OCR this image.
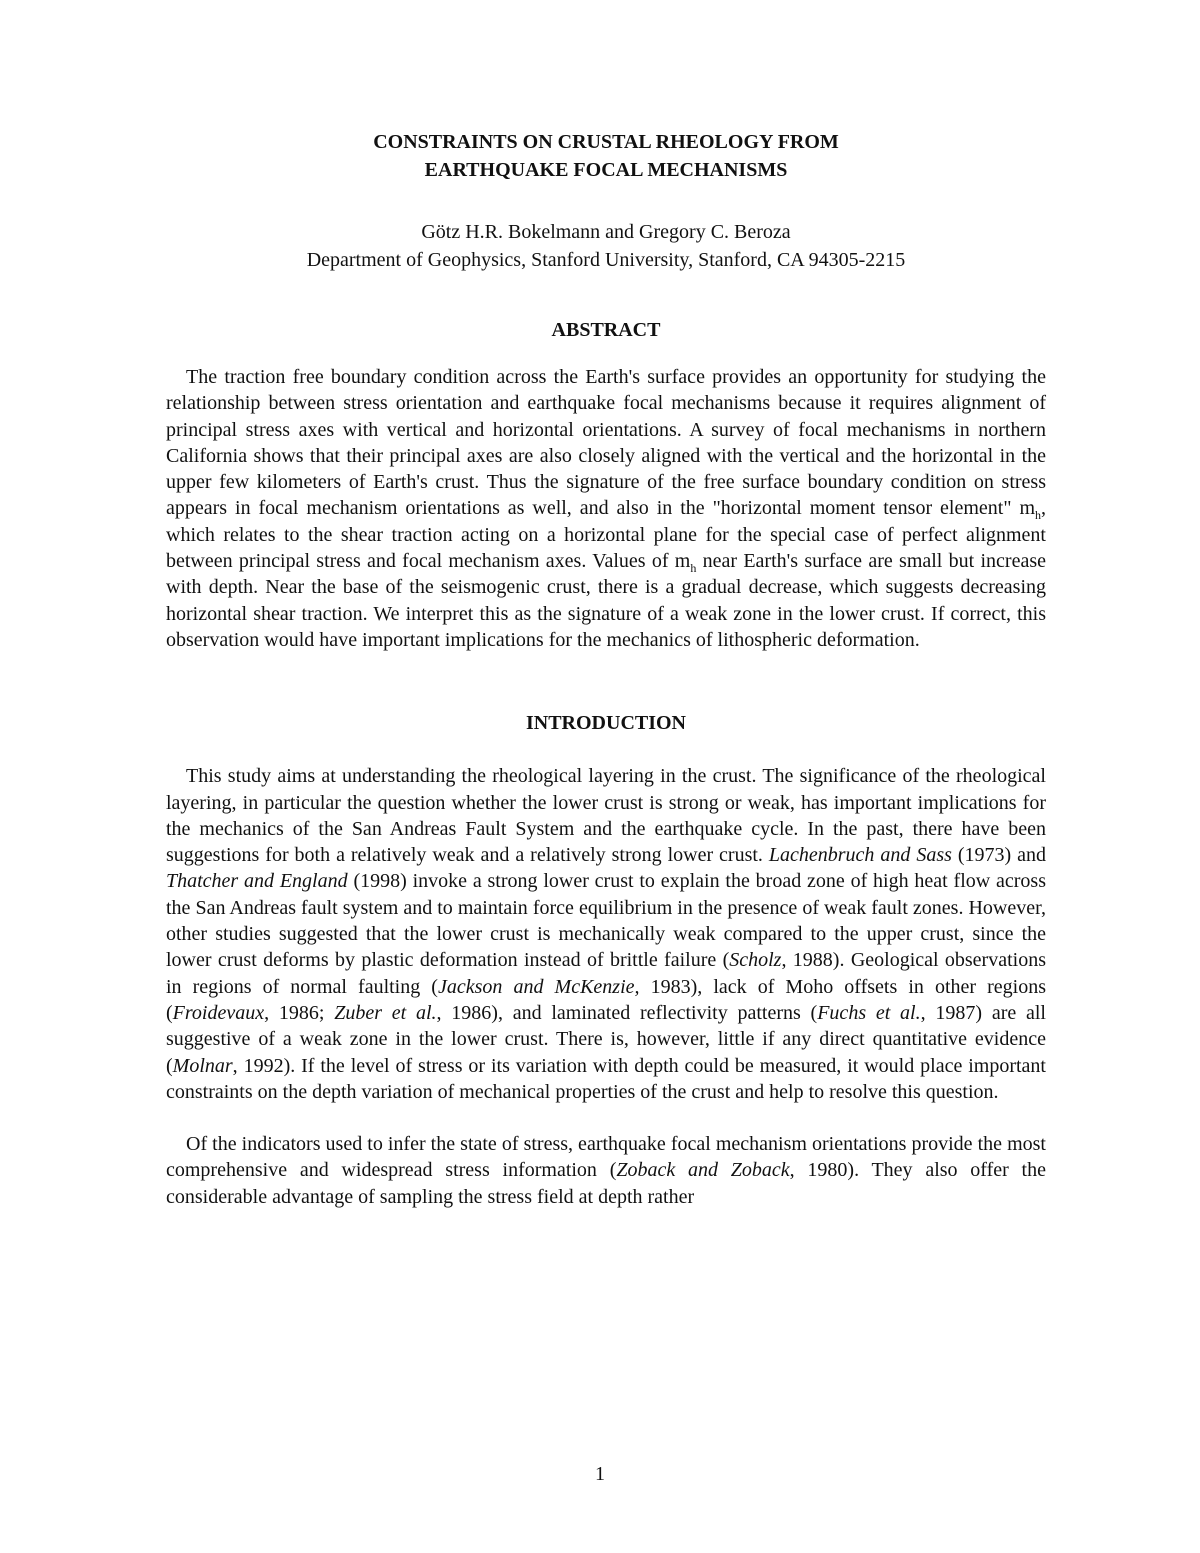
CONSTRAINTS ON CRUSTAL RHEOLOGY FROM
EARTHQUAKE FOCAL MECHANISMS

Götz H.R. Bokelmann and Gregory C. Beroza
Department of Geophysics, Stanford University, Stanford, CA 94305-2215

ABSTRACT

The traction free boundary condition across the Earth's surface provides an opportunity for studying the relationship between stress orientation and earthquake focal mechanisms because it requires alignment of principal stress axes with vertical and horizontal orientations. A survey of focal mechanisms in northern California shows that their principal axes are also closely aligned with the vertical and the horizontal in the upper few kilometers of Earth's crust. Thus the signature of the free surface boundary condition on stress appears in focal mechanism orientations as well, and also in the "horizontal moment tensor element" $m_h$, which relates to the shear traction acting on a horizontal plane for the special case of perfect alignment between principal stress and focal mechanism axes. Values of $m_h$ near Earth's surface are small but increase with depth. Near the base of the seismogenic crust, there is a gradual decrease, which suggests decreasing horizontal shear traction. We interpret this as the signature of a weak zone in the lower crust. If correct, this observation would have important implications for the mechanics of lithospheric deformation.

INTRODUCTION

This study aims at understanding the rheological layering in the crust. The significance of the rheological layering, in particular the question whether the lower crust is strong or weak, has important implications for the mechanics of the San Andreas Fault System and the earthquake cycle. In the past, there have been suggestions for both a relatively weak and a relatively strong lower crust. Lachenbruch and Sass (1973) and Thatcher and England (1998) invoke a strong lower crust to explain the broad zone of high heat flow across the San Andreas fault system and to maintain force equilibrium in the presence of weak fault zones. However, other studies suggested that the lower crust is mechanically weak compared to the upper crust, since the lower crust deforms by plastic deformation instead of brittle failure (Scholz, 1988). Geological observations in regions of normal faulting (Jackson and McKenzie, 1983), lack of Moho offsets in other regions (Froidevaux, 1986; Zuber et al., 1986), and laminated reflectivity patterns (Fuchs et al., 1987) are all suggestive of a weak zone in the lower crust. There is, however, little if any direct quantitative evidence (Molnar, 1992). If the level of stress or its variation with depth could be measured, it would place important constraints on the depth variation of mechanical properties of the crust and help to resolve this question.

Of the indicators used to infer the state of stress, earthquake focal mechanism orientations provide the most comprehensive and widespread stress information (Zoback and Zoback, 1980). They also offer the considerable advantage of sampling the stress field at depth rather

1
